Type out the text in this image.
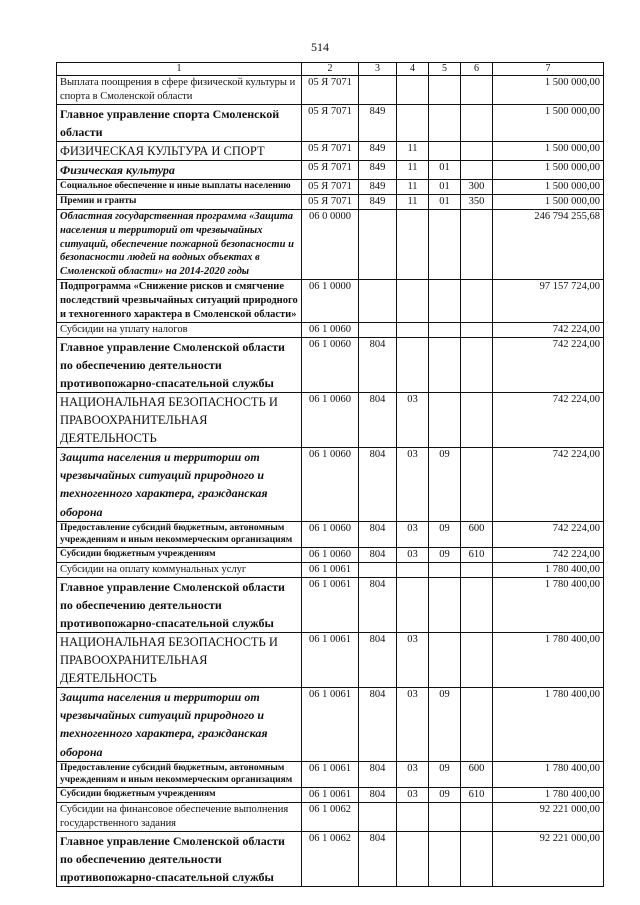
514
1	2	3	4	5	6	7
Выплата поощрения в сфере физической культуры и спорта в Смоленской области	05 Я 7071					1 500 000,00
Главное управление спорта Смоленской области	05 Я 7071	849				1 500 000,00
ФИЗИЧЕСКАЯ КУЛЬТУРА И СПОРТ	05 Я 7071	849	11			1 500 000,00
Физическая культура	05 Я 7071	849	11	01		1 500 000,00
Социальное обеспечение и иные выплаты населению	05 Я 7071	849	11	01	300	1 500 000,00
Премии и гранты	05 Я 7071	849	11	01	350	1 500 000,00
Областная государственная программа «Защита населения и территорий от чрезвычайных ситуаций, обеспечение пожарной безопасности и безопасности людей на водных объектах в Смоленской области» на 2014-2020 годы	06 0 0000					246 794 255,68
Подпрограмма «Снижение рисков и смягчение последствий чрезвычайных ситуаций природного и техногенного характера в Смоленской области»	06 1 0000					97 157 724,00
Субсидии на уплату налогов	06 1 0060					742 224,00
Главное управление Смоленской области по обеспечению деятельности противопожарно-спасательной службы	06 1 0060	804				742 224,00
НАЦИОНАЛЬНАЯ БЕЗОПАСНОСТЬ И ПРАВООХРАНИТЕЛЬНАЯ ДЕЯТЕЛЬНОСТЬ	06 1 0060	804	03			742 224,00
Защита населения и территории от чрезвычайных ситуаций природного и техногенного характера, гражданская оборона	06 1 0060	804	03	09		742 224,00
Предоставление субсидий бюджетным, автономным учреждениям и иным некоммерческим организациям	06 1 0060	804	03	09	600	742 224,00
Субсидии бюджетным учреждениям	06 1 0060	804	03	09	610	742 224,00
Субсидии на оплату коммунальных услуг	06 1 0061					1 780 400,00
Главное управление Смоленской области по обеспечению деятельности противопожарно-спасательной службы	06 1 0061	804				1 780 400,00
НАЦИОНАЛЬНАЯ БЕЗОПАСНОСТЬ И ПРАВООХРАНИТЕЛЬНАЯ ДЕЯТЕЛЬНОСТЬ	06 1 0061	804	03			1 780 400,00
Защита населения и территории от чрезвычайных ситуаций природного и техногенного характера, гражданская оборона	06 1 0061	804	03	09		1 780 400,00
Предоставление субсидий бюджетным, автономным учреждениям и иным некоммерческим организациям	06 1 0061	804	03	09	600	1 780 400,00
Субсидии бюджетным учреждениям	06 1 0061	804	03	09	610	1 780 400,00
Субсидии на финансовое обеспечение выполнения государственного задания	06 1 0062					92 221 000,00
Главное управление Смоленской области по обеспечению деятельности противопожарно-спасательной службы	06 1 0062	804				92 221 000,00
